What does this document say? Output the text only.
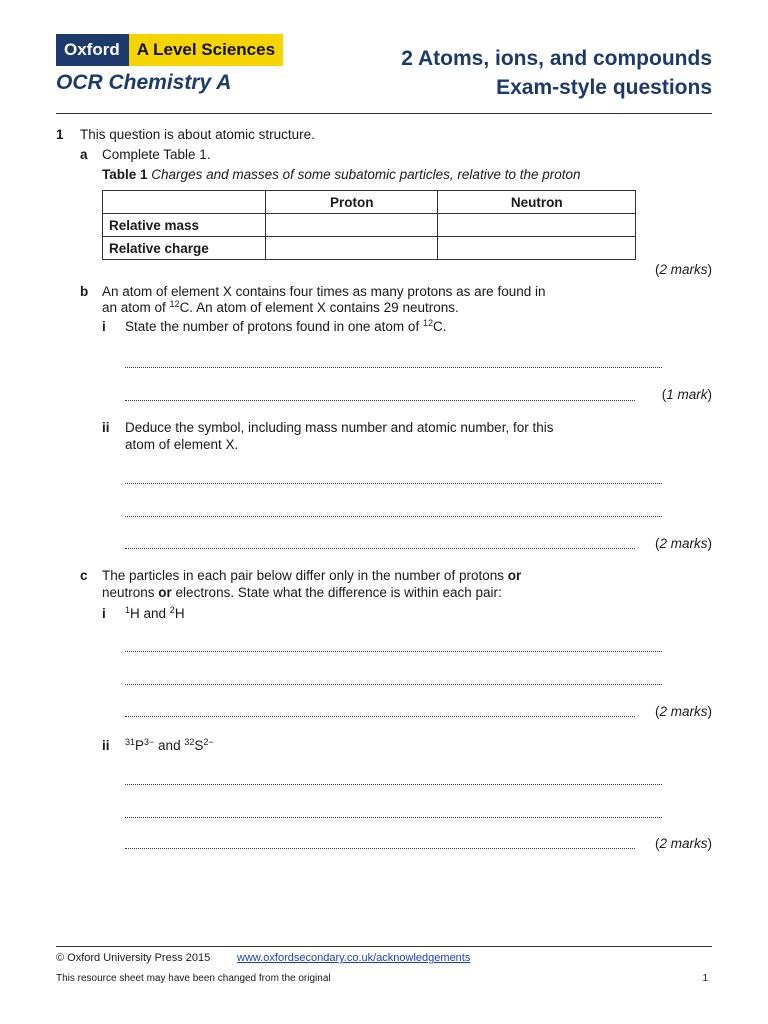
Oxford	A Level Sciences
OCR Chemistry A
2 Atoms, ions, and compounds
Exam-style questions
1 This question is about atomic structure.
a Complete Table 1.
Table 1 Charges and masses of some subatomic particles, relative to the proton
	Proton	Neutron
Relative mass		
Relative charge		
(2 marks)
b An atom of element X contains four times as many protons as are found in
an atom of $^{12}$C. An atom of element X contains 29 neutrons.
i State the number of protons found in one atom of $^{12}$C.
(1 mark)
ii Deduce the symbol, including mass number and atomic number, for this
atom of element X.
(2 marks)
c The particles in each pair below differ only in the number of protons or
neutrons or electrons. State what the difference is within each pair:
i $^1$H and $^2$H
(2 marks)
ii $^{31}P^{3-}$ and $^{32}S^{2-}$
(2 marks)
© Oxford University Press 2015 www.oxfordsecondary.co.uk/acknowledgements
This resource sheet may have been changed from the original	1
